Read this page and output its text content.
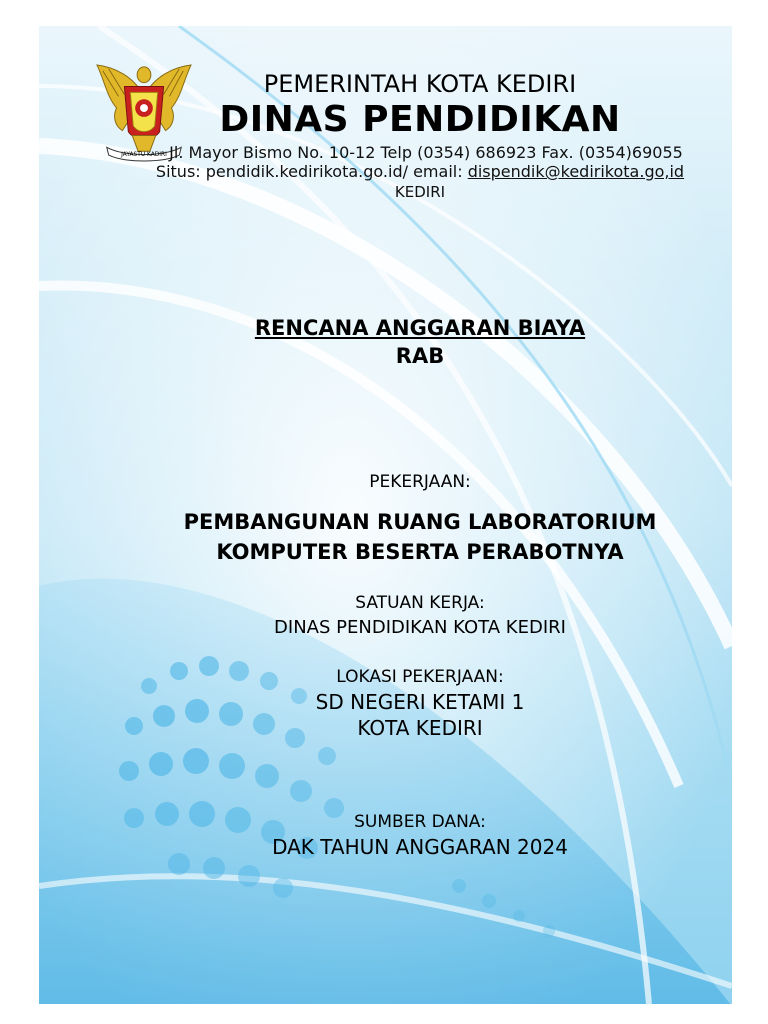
JAYASTU KADIRI
PEMERINTAH KOTA KEDIRI
DINAS PENDIDIKAN
Jl. Mayor Bismo No. 10-12 Telp (0354) 686923 Fax. (0354)69055
Situs: pendidik.kedirikota.go.id/ email: dispendik@kedirikota.go,id
KEDIRI
RENCANA ANGGARAN BIAYA
RAB
PEKERJAAN:
PEMBANGUNAN RUANG LABORATORIUM
KOMPUTER BESERTA PERABOTNYA
SATUAN KERJA:
DINAS PENDIDIKAN KOTA KEDIRI
LOKASI PEKERJAAN:
SD NEGERI KETAMI 1
KOTA KEDIRI
SUMBER DANA:
DAK TAHUN ANGGARAN 2024
